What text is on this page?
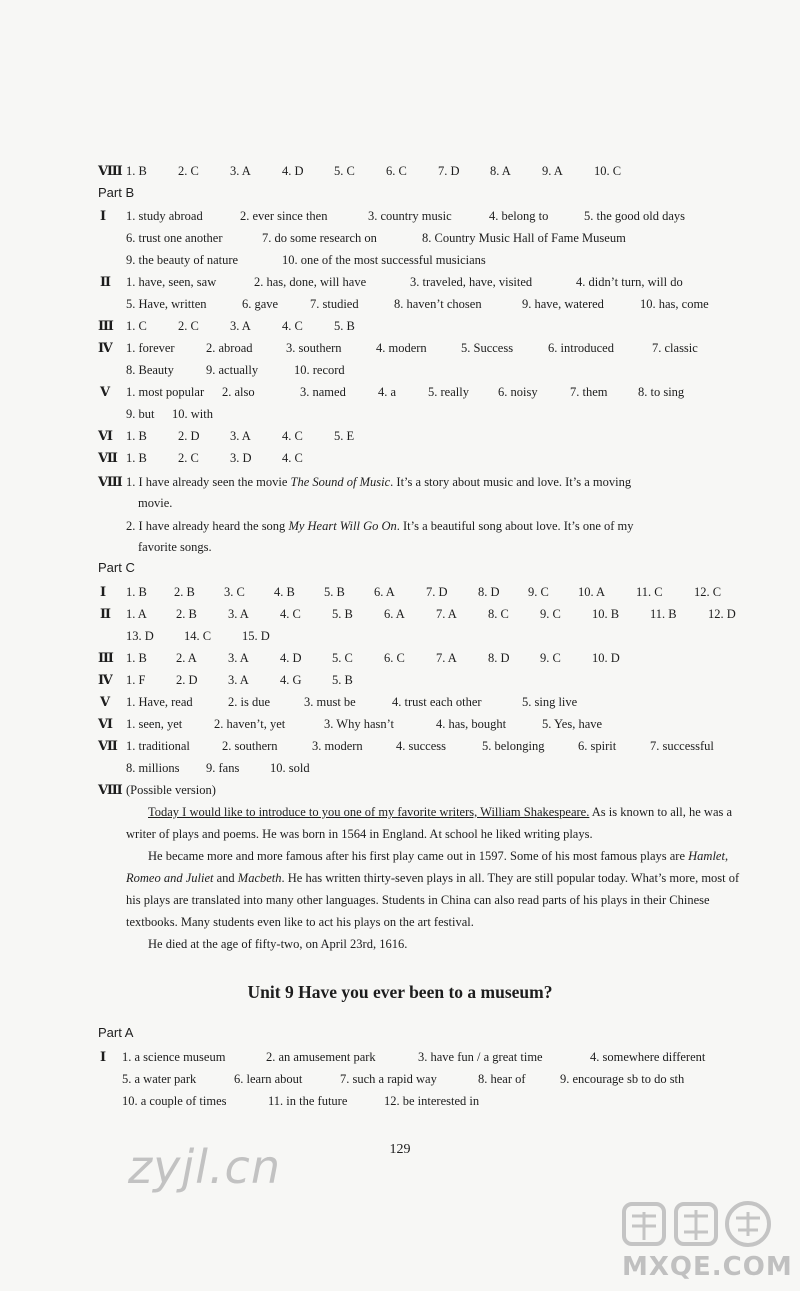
Ⅷ 1. B 2. C 3. A 4. D 5. C 6. C 7. D 8. A 9. A 10. C
Part B
Ⅰ 1. study abroad	2. ever since then	3. country music	4. belong to	5. the good old days
6. trust one another	7. do some research on	8. Country Music Hall of Fame Museum
9. the beauty of nature	10. one of the most successful musicians
Ⅱ 1. have, seen, saw	2. has, done, will have	3. traveled, have, visited	4. didn’t turn, will do
5. Have, written	6. gave	7. studied	8. haven’t chosen	9. have, watered	10. has, come
Ⅲ 1. C 2. C 3. A 4. C 5. B
Ⅳ 1. forever	2. abroad	3. southern	4. modern	5. Success	6. introduced	7. classic
8. Beauty	9. actually	10. record
Ⅴ 1. most popular 2. also	3. named	4. a	5. really 6. noisy	7. them 8. to sing
9. but 10. with
Ⅵ 1. B 2. D 3. A 4. C 5. E
Ⅶ 1. B 2. C 3. D 4. C
Ⅷ 1. I have already seen the movie The Sound of Music. It’s a story about music and love. It’s a moving
movie.
2. I have already heard the song My Heart Will Go On. It’s a beautiful song about love. It’s one of my
favorite songs.
Part C
Ⅰ 1. B 2. B 3. C 4. B 5. B 6. A 7. D 8. D 9. C 10. A 11. C	12. C
Ⅱ 1. A 2. B 3. A 4. C 5. B 6. A 7. A 8. C 9. C 10. B 11. B	12. D
13. D 14. C 15. D
Ⅲ 1. B 2. A 3. A 4. D 5. C 6. C 7. A 8. D 9. C 10. D
Ⅳ 1. F 2. D 3. A 4. G 5. B
Ⅴ 1. Have, read	2. is due	3. must be	4. trust each other	5. sing live
Ⅵ 1. seen, yet	2. haven’t, yet	3. Why hasn’t	4. has, bought	5. Yes, have
Ⅶ 1. traditional	2. southern	3. modern	4. success	5. belonging	6. spirit	7. successful
8. millions 9. fans 10. sold
Ⅷ (Possible version)
Today I would like to introduce to you one of my favorite writers, William Shakespeare. As is known to all, he was a writer of plays and poems. He was born in 1564 in England. At school he liked writing plays.
He became more and more famous after his first play came out in 1597. Some of his most famous plays are Hamlet, Romeo and Juliet and Macbeth. He has written thirty-seven plays in all. They are still popular today. What’s more, most of his plays are translated into many other languages. Students in China can also read parts of his plays in their Chinese textbooks. Many students even like to act his plays on the art festival.
He died at the age of fifty-two, on April 23rd, 1616.
Unit 9 Have you ever been to a museum?
Part A
Ⅰ 1. a science museum	2. an amusement park	3. have fun / a great time	4. somewhere different
5. a water park	6. learn about	7. such a rapid way	8. hear of	9. encourage sb to do sth
10. a couple of times	11. in the future	12. be interested in
129
zyjl.cn
MXQE.COM
